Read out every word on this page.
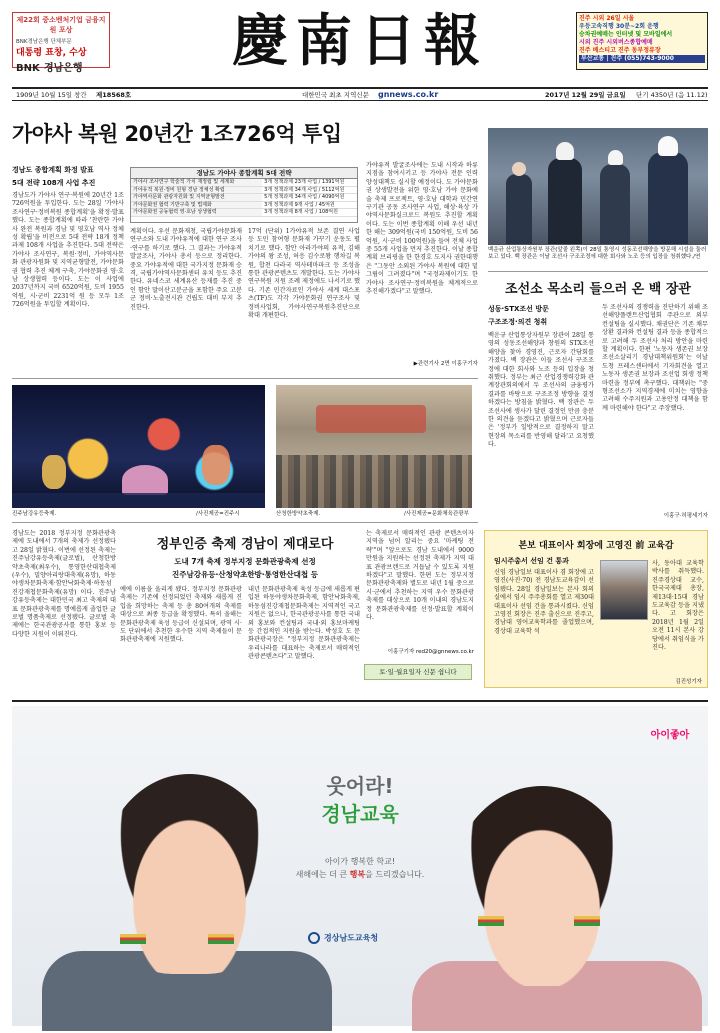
제22회 중소벤처기업 금융지원 포상
BNK경남은행 단체부문
대통령 표창, 수상
BNK 경남은행	慶南日報	진주 시외 26일 시울
우등고속직행 30분~2회 운행
승차권예매는 인터넷 및 모바일에서
시외 진주 시외버스종합예매
진주 베스티고 진주 동부정류장
부산교통 | 진주 (055)743-9000
1909년 10월 15일 창간 제18568호	대한민국 최초 지역신문 gnnews.co.kr	2017년 12월 29일 금요일 단기 4350년 (음 11.12)
가야사 복원 20년간 1조726억 투입
경남도 종합계획 화정 발표
5대 전략 108개 사업 추진
경남도가 가야사 연구·복원에 20년간 1조726억원을 투입한다. 도는 28일 '가야사 조사연구·정비복원 종합계획'을 확정·발표했다. 도는 종합계획에 따라 '찬란한 가야사 완전 복원과 경남 및 영호남 역사 정체성 확립'을 비전으로 5대 전략 18개 정책과제 108개 사업을 추진한다. 5대 전략은 가야사 조사연구, 복원·정비, 가야역사문화 관광자원화 및 지역균형발전, 가야문화권 협력 추진 체계 구축, 가야문화권 영·호남 상생협력 등이다. 도는 이 사업에 2037년까지 국비 6520억원, 도비 1955억원, 시·군비 2231억 원 등 모두 1조726억원을 투입할 계획이다.
경남도 가야사 종합계획 5대 전략
가야사 조사연구 학술적 가치 재정립 및 세계화	3개 정책과제 23개 사업 / 1391억원
가야유적 복원·정비 원형 경남 정체성 확립	3개 정책과제 34개 사업 / 5112억원
가야역사문화 관광자원화 및 지역균형발전	5개 정책과제 34개 사업 / 4090억원
가야문화권 협력 기반구축 및 법제화	3개 정책과제 9개 사업 / 45억원
가야문화권 공동협력 영·호남 상생협력	3개 정책과제 8개 사업 / 108억원
계획이다. 우선 문화재청, 국립가야문화재연구소와 도내 가야유적에 대한 연구 조사·연구를 하기로 했다. 그 결과는 가야유적 발굴조사, 가야사 총서 등으로 정리한다. 중요 가야유적에 대한 국가지정 문화재 승격, 국립가야역사문화센터 유치 등도 추진한다. 유네스코 세계유산 등재를 추진 중인 함안 말이산고분군을 포함한 주요 고분군 정비·노출전시관 건립도 대비 부지 추진한다.
17억 (단위) 1가야유적 보존 결연 사업 등 도민 참여형 문화재 가꾸기 운동도 펼치기로 했다. 함안 아라가야의 유적, 김해 가야의 왕 조성, 허응 김수로왕 행차길 복원, 합천 다라국 역사테마파크 등 조성을 통한 관광콘텐츠도 개발한다. 도는 가야사 연구복원 지원 조례 제정에도 나서기로 했다. 기존 민간자료인 가야사 세계 대스포츠(TF)도 각각 가야문화권 연구조사 및 정비사업회, 가야사연구복원추진단으로 확대 개편한다.
가야유적 발굴조사에는 도내 시작과 하류지점을 참여시키고 등 가야사 전문 인력 양성대책도 실시할 예정이다. 도 가야문화권 상생발전을 위한 영·호남 가야 문화예술 축제 프로젝트, 영·호남 대학과 민간연구기관 공동 조사연구 사업, 해상·육상 가야역사문화실크로드 복원도 추진할 계획이다. 도는 이번 종합계획 이해 우선 내년 한 해는 309억원(국비 150억원, 도비 56억원, 시·군비 100억원)을 들여 전체 사업 중 55개 사업을 먼저 추진한다. 이날 종합계획 브리핑을 한 한경호 도지사 권한대행은 "그동안 소외된 가야사 복원에 대한 밑그림이 그려졌다"며 "국정과제이기도 한 가야사 조사연구·정비복원을 체계적으로 추진해가겠다"고 말했다.
▶관련기사 2면 이홍구기자
백운규 산업통상자원부 장관(앞줄 왼쪽)이 28일 통영시 성동조선해양을 방문해 시설을 둘러보고 있다. 백 장관은 이날 조선사 구조조정에 대한 회사와 노조 등의 입장을 청취했다./연
조선소 목소리 들으러 온 백 장관
성동·STX조선 방문
구조조정·의견 청취
백운규 산업통상자원부 장관이 28일 통영의 성동조선해양과 창원의 STX조선해양을 찾아 경영진, 근로자 간담회를 가졌다. 백 장관은 이들 조선사 구조조정에 대한 회사와 노조 등의 입장을 청취했다. 정부는 최근 산업경쟁력강화 관계장관회의에서 두 조선사의 금융평가 결과를 바탕으로 구조조정 방향을 결정하겠다는 방침을 밝혔다. 백 장관은 두 조선사에 생사가 달린 결정인 만큼 충분한 의견을 듣겠다고 밝혔으며 근로자들은 '정부가 일방적으로 결정하지 말고 현장의 목소리를 반영해 달라'고 요청했다.
두 조선사의 경쟁력을 진단하기 위해 조선해양플랜트산업협회 주관으로 외부 컨설팅을 실시했다. 채권단은 기존 채무상환 결과와 컨설팅 결과 등을 종합적으로 고려해 두 조선사 처리 방안을 마련할 계획이다. 한편 '노동자 생존권 보장 조선소살리기 경남대책위원회'는 이날 도청 프레스센터에서 기자회견을 열고 노동자 생존권 보장과 조선업 회생 정책마련을 정부에 촉구했다. 대책위는 "중형조선소가 지역경제에 미치는 영향을 고려해 수주지원과 고용안정 대책을 함께 마련해야 한다"고 주장했다.
이홍구·허평세기자
진주남강유등축제.	/사진제공=진주시	산청한방약초축제.	/사진제공=문화체육관광부
경남도는 2018 정부지정 문화관광축제에 도내에서 7개의 축제가 선정됐다고 28일 밝혔다. 이번에 선정된 축제는 진주남강유등축제(글로벌), 산청한방약초축제(최우수), 통영한산대첩축제(우수), 밀양아리랑대축제(유망), 하동야생차문화축제·함안낙화축제·하동섬진강재첩문화축제(유망) 이다. 진주남강유등축제는 대한민국 최고 축제의 대표 문화관광축제를 명예롭게 졸업한 글로벌 명품축제로 선정됐다. 글로벌 축제에는 한국관광공사를 통한 홍보 등 다양한 지원이 이뤄진다.
정부인증 축제 경남이 제대로다
도내 7개 축제 정부지정 문화관광축제 선정
진주남강유등·산청약초한방·통영한산대첩 등
예에 이름을 올리게 됐다. 정부지정 문화관광축제는 기존에 선정되었던 축제와 새롭게 진입을 희망하는 축제 등 총 80여개의 축제를 대상으로 최종 등급을 확정했다. 특히 올해는 문화관광축제 육성 등급이 신설되며, 광역 시·도 단위에서 추천한 우수한 지역 축제들이 문화관광축제에 지원했다.
내년 문화관광축제 육성 등급에 새롭게 편입된 하동야생차문화축제, 함안낙화축제, 하동섬진강재첩문화축제는 지역적인 국고 지원은 없으나, 한국관광공사를 통한 국내외 홍보와 컨설팅과 국내·외 홍보마케팅 등 간접적인 지원을 받는다. 박성호 도 문화관광국장은 "정부지정 문화관광축제는 우리나라를 대표하는 축제로서 매력적인 관광콘텐츠다"고 말했다.
는 축제로서 매력적인 관광 콘텐츠이자 지역을 넘어 알리는 중요 '마케팅 전략'"며 "앞으로도 경남 도내에서 9000만원을 지원하는 선정된 축제가 지역 대표 관광브랜드로 거듭날 수 있도록 지원하겠다"고 말했다. 한편 도는 정부지정 문화관광축제와 별도로 내년 1월 중으로 시·군에서 추천하는 지역 우수 문화관광축제를 대상으로 10개 이내의 경남도지정 문화관광축제를 선정·발표할 계획이다.
이홍구기자 red20@gnnews.co.kr
토·일·월요일자 신문 쉽니다
본보 대표이사 회장에 고영진 前 교육감
임시주총서 선임 건 통과
신임 경남일보 대표이사 겸 회장에 고영진(사진·70) 전 경남도교육감이 선임됐다. 28일 경남일보는 본사 회의실에서 임시 주주총회를 열고 제30대 대표이사 선임 건을 통과시켰다. 신임 고영진 회장은 진주 출신으로 진주고, 경남대 영어교육학과를 졸업했으며, 경상대 교육학 석
사, 동아대 교육학박사를 취득했다. 진주경상대 교수, 한국국제대 총장, 제13대·15대 경남도교육감 등을 지냈다. 고 회장은 2018년 1월 2일 오전 11시 본사 강당에서 취임식을 가진다.
김진성기자
아이좋아
웃어라!
경남교육
아이가 행복한 학교!
새해에는 더 큰 행복을 드리겠습니다.
경상남도교육청
